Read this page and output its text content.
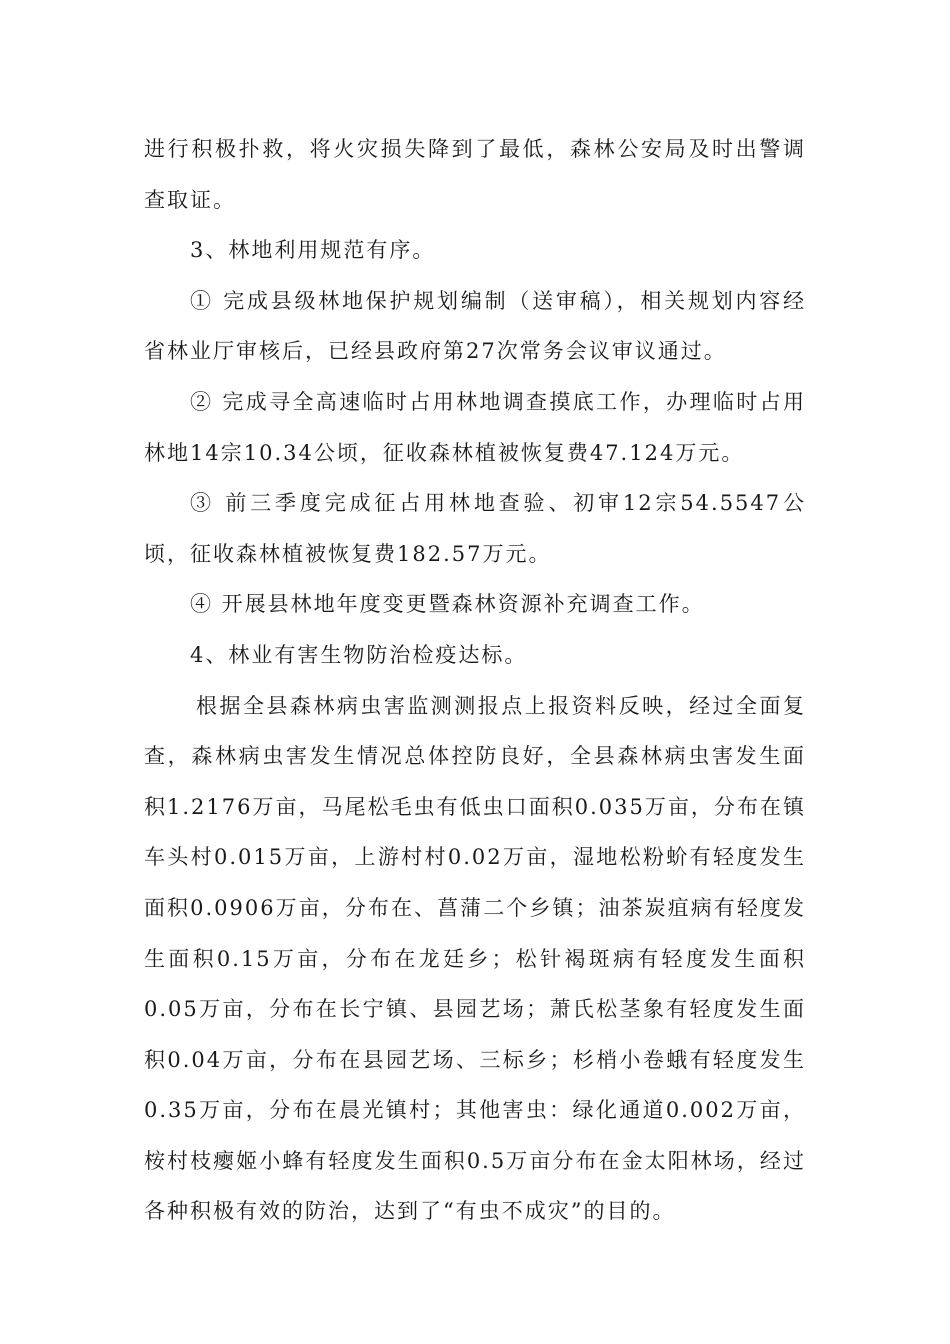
进行积极扑救，将火灾损失降到了最低，森林公安局及时出警调查取证。

3、林地利用规范有序。

① 完成县级林地保护规划编制（送审稿），相关规划内容经省林业厅审核后，已经县政府第27次常务会议审议通过。

② 完成寻全高速临时占用林地调查摸底工作，办理临时占用林地14宗10.34公顷，征收森林植被恢复费47.124万元。

③ 前三季度完成征占用林地查验、初审12宗54.5547公顷，征收森林植被恢复费182.57万元。

④ 开展县林地年度变更暨森林资源补充调查工作。

4、林业有害生物防治检疫达标。

根据全县森林病虫害监测测报点上报资料反映，经过全面复查，森林病虫害发生情况总体控防良好，全县森林病虫害发生面积1.2176万亩，马尾松毛虫有低虫口面积0.035万亩，分布在镇车头村0.015万亩，上游村村0.02万亩，湿地松粉蚧有轻度发生面积0.0906万亩，分布在、菖蒲二个乡镇；油茶炭疽病有轻度发生面积0.15万亩，分布在龙廷乡；松针褐斑病有轻度发生面积0.05万亩，分布在长宁镇、县园艺场；萧氏松茎象有轻度发生面积0.04万亩，分布在县园艺场、三标乡；杉梢小卷蛾有轻度发生0.35万亩，分布在晨光镇村；其他害虫：绿化通道0.002万亩，桉村枝瘿姬小蜂有轻度发生面积0.5万亩分布在金太阳林场，经过各种积极有效的防治，达到了“有虫不成灾”的目的。
